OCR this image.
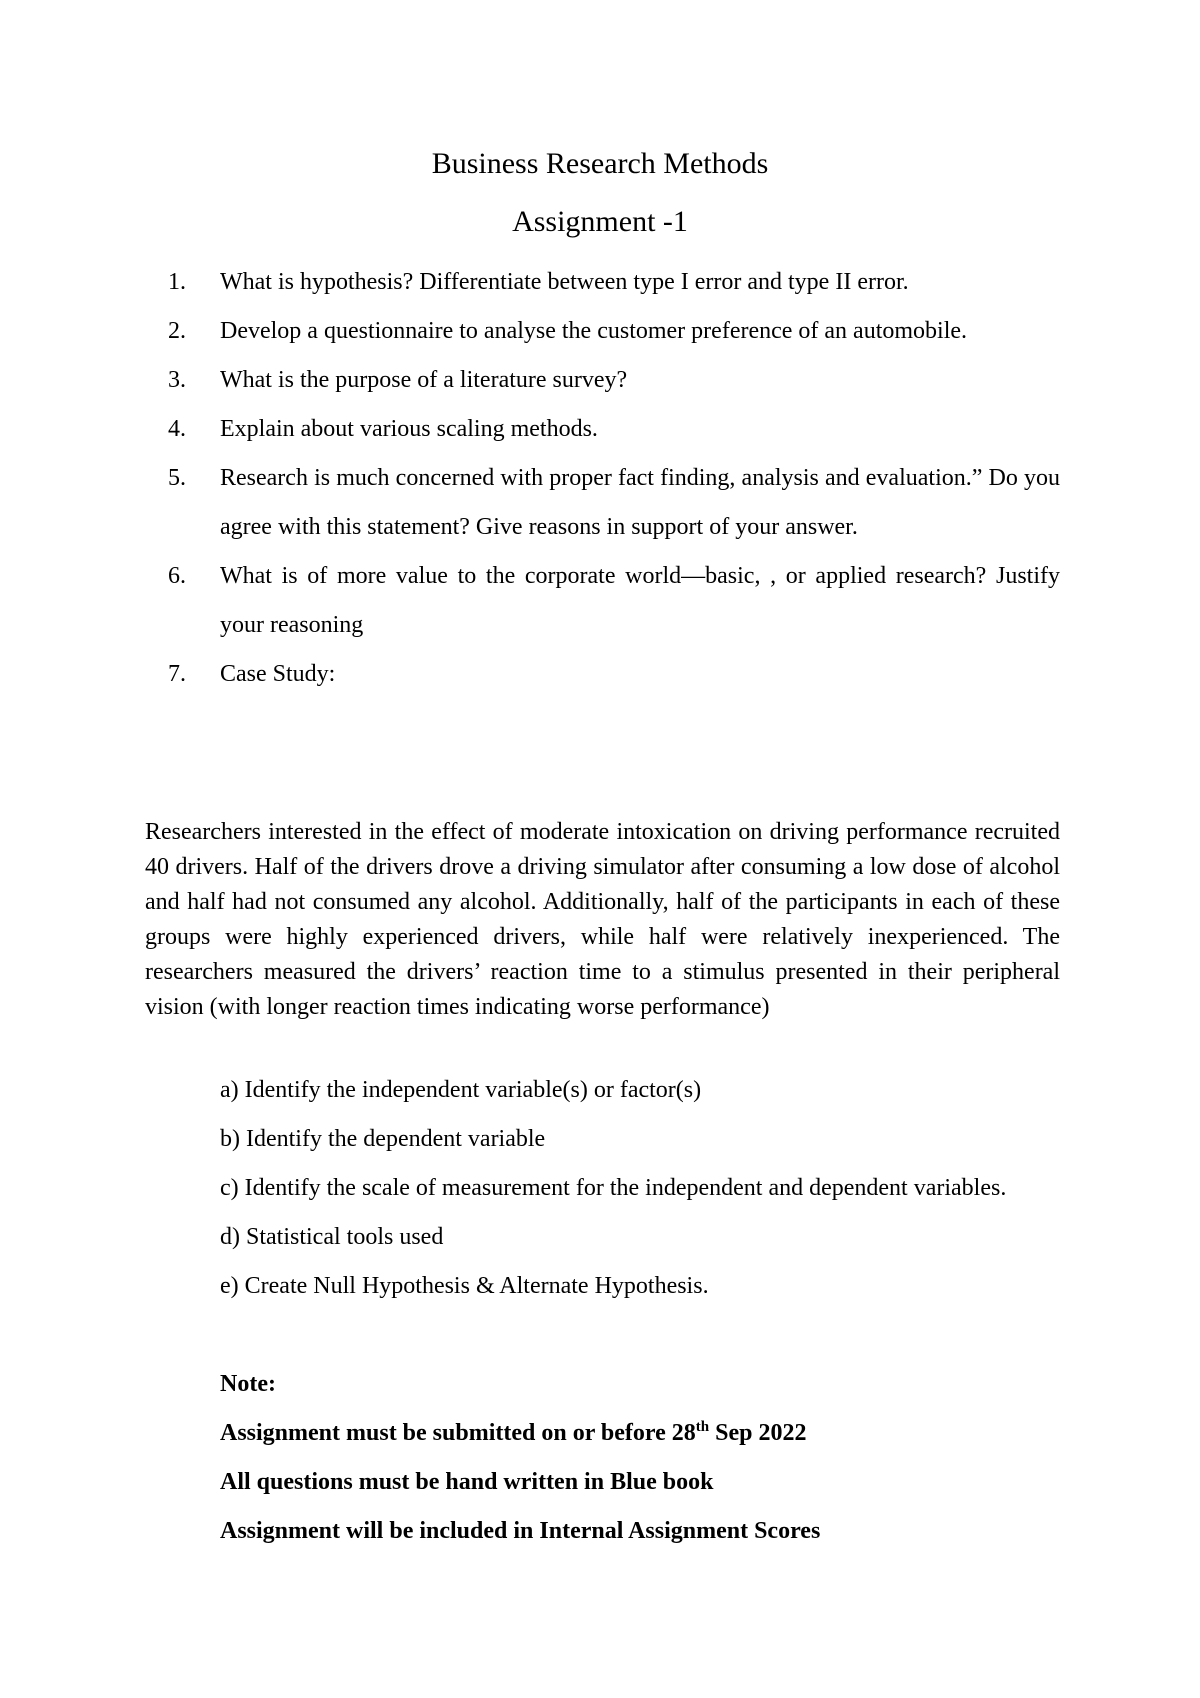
Business Research Methods
Assignment -1
1. What is hypothesis? Differentiate between type I error and type II error.
2. Develop a questionnaire to analyse the customer preference of an automobile.
3. What is the purpose of a literature survey?
4. Explain about various scaling methods.
5. Research is much concerned with proper fact finding, analysis and evaluation.” Do you agree with this statement? Give reasons in support of your answer.
6. What is of more value to the corporate world—basic, , or applied research? Justify your reasoning
7. Case Study:

Researchers interested in the effect of moderate intoxication on driving performance recruited 40 drivers. Half of the drivers drove a driving simulator after consuming a low dose of alcohol and half had not consumed any alcohol. Additionally, half of the participants in each of these groups were highly experienced drivers, while half were relatively inexperienced. The researchers measured the drivers’ reaction time to a stimulus presented in their peripheral vision (with longer reaction times indicating worse performance)

a) Identify the independent variable(s) or factor(s)
b) Identify the dependent variable
c) Identify the scale of measurement for the independent and dependent variables.
d) Statistical tools used
e) Create Null Hypothesis & Alternate Hypothesis.
Note:
Assignment must be submitted on or before 28th Sep 2022
All questions must be hand written in Blue book
Assignment will be included in Internal Assignment Scores
